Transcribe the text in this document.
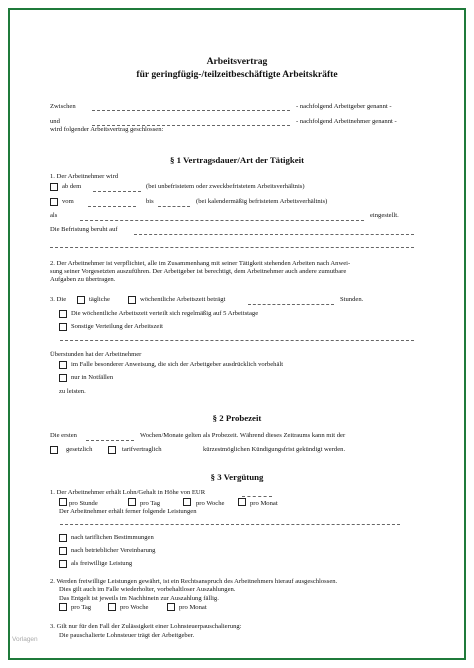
Arbeitsvertrag
für geringfügig-/teilzeitbeschäftigte Arbeitskräfte
Zwischen	- nachfolgend Arbeitgeber genannt -
und	- nachfolgend Arbeitnehmer genannt -
wird folgender Arbeitsvertrag geschlossen:
§ 1 Vertragsdauer/Art der Tätigkeit
1. Der Arbeitnehmer wird
ab dem	(bei unbefristetem oder zweckbefristetem Arbeitsverhältnis)
vom	bis	(bei kalendermäßig befristetem Arbeitsverhältnis)
als	eingestellt.
Die Befristung beruht auf
2. Der Arbeitnehmer ist verpflichtet, alle im Zusammenhang mit seiner Tätigkeit stehenden Arbeiten nach Anwei-
sung seiner Vorgesetzten auszuführen. Der Arbeitgeber ist berechtigt, dem Arbeitnehmer auch andere zumutbare
Aufgaben zu übertragen.
3. Die	tägliche	wöchentliche Arbeitszeit beträgt	Stunden.
Die wöchentliche Arbeitszeit verteilt sich regelmäßig auf 5 Arbeitstage
Sonstige Verteilung der Arbeitszeit
Überstunden hat der Arbeitnehmer
im Falle besonderer Anweisung, die sich der Arbeitgeber ausdrücklich vorbehält
nur in Notfällen
zu leisten.
§ 2 Probezeit
Die ersten	Wochen/Monate gelten als Probezeit. Während dieses Zeitraums kann mit der
gesetzlich	tarifvertraglich	kürzestmöglichen Kündigungsfrist gekündigt werden.
§ 3 Vergütung
1. Der Arbeitnehmer erhält Lohn/Gehalt in Höhe von EUR
pro Stunde	pro Tag	pro Woche	pro Monat
Der Arbeitnehmer erhält ferner folgende Leistungen
nach tariflichen Bestimmungen
nach betrieblicher Vereinbarung
als freiwillige Leistung
2. Werden freiwillige Leistungen gewährt, ist ein Rechtsanspruch des Arbeitnehmers hierauf ausgeschlossen.
Dies gilt auch im Falle wiederholter, vorbehaltloser Auszahlungen.
Das Entgelt ist jeweils im Nachhinein zur Auszahlung fällig.
pro Tag	pro Woche	pro Monat
3. Gilt nur für den Fall der Zulässigkeit einer Lohnsteuerpauschalierung:
Die pauschalierte Lohnsteuer trägt der Arbeitgeber.
Vorlagen
